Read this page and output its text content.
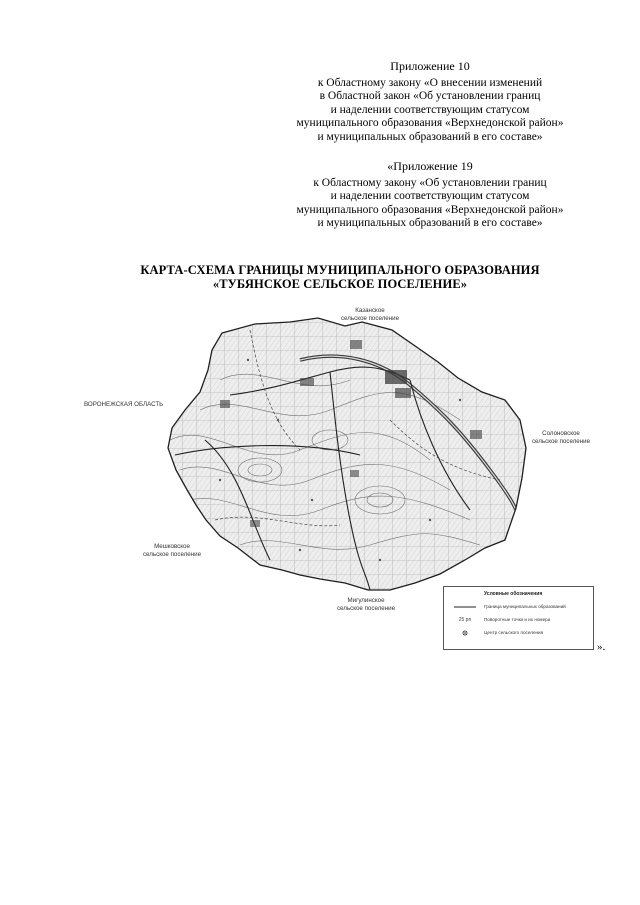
Приложение 10
к Областному закону «О внесении изменений
в Областной закон «Об установлении границ
и наделении соответствующим статусом
муниципального образования «Верхнедонской район»
и муниципальных образований в его составе»
«Приложение 19
к Областному закону «Об установлении границ
и наделении соответствующим статусом
муниципального образования «Верхнедонской район»
и муниципальных образований в его составе»
КАРТА-СХЕМА ГРАНИЦЫ МУНИЦИПАЛЬНОГО ОБРАЗОВАНИЯ
«ТУБЯНСКОЕ СЕЛЬСКОЕ ПОСЕЛЕНИЕ»
Казанское
сельское поселение
ВОРОНЕЖСКАЯ ОБЛАСТЬ
Солоновское
сельское поселение
Мешковское
сельское поселение
Мигулинское
сельское поселение
Условные обозначения
Граница муниципальных образований
25 pn	Поворотные точки и их номера
Центр сельского поселения
».
